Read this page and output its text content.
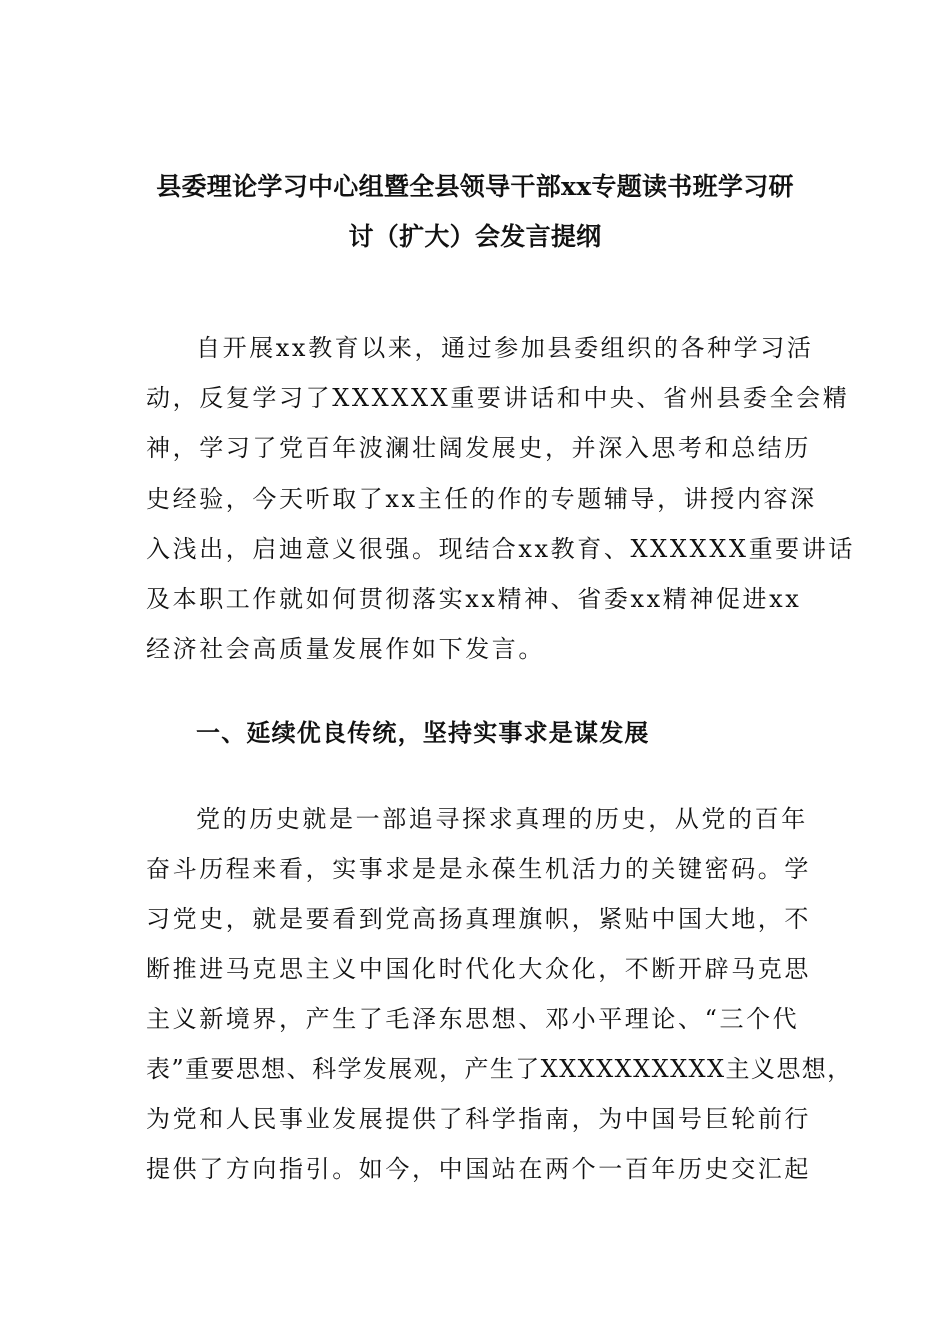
县委理论学习中心组暨全县领导干部xx专题读书班学习研
讨（扩大）会发言提纲
自开展xx教育以来，通过参加县委组织的各种学习活
动，反复学习了XXXXXX重要讲话和中央、省州县委全会精
神，学习了党百年波澜壮阔发展史，并深入思考和总结历
史经验，今天听取了xx主任的作的专题辅导，讲授内容深
入浅出，启迪意义很强。现结合xx教育、XXXXXX重要讲话
及本职工作就如何贯彻落实xx精神、省委xx精神促进xx
经济社会高质量发展作如下发言。
一、延续优良传统，坚持实事求是谋发展
党的历史就是一部追寻探求真理的历史，从党的百年
奋斗历程来看，实事求是是永葆生机活力的关键密码。学
习党史，就是要看到党高扬真理旗帜，紧贴中国大地，不
断推进马克思主义中国化时代化大众化，不断开辟马克思
主义新境界，产生了毛泽东思想、邓小平理论、“三个代
表”重要思想、科学发展观，产生了XXXXXXXXXX主义思想，
为党和人民事业发展提供了科学指南，为中国号巨轮前行
提供了方向指引。如今，中国站在两个一百年历史交汇起
